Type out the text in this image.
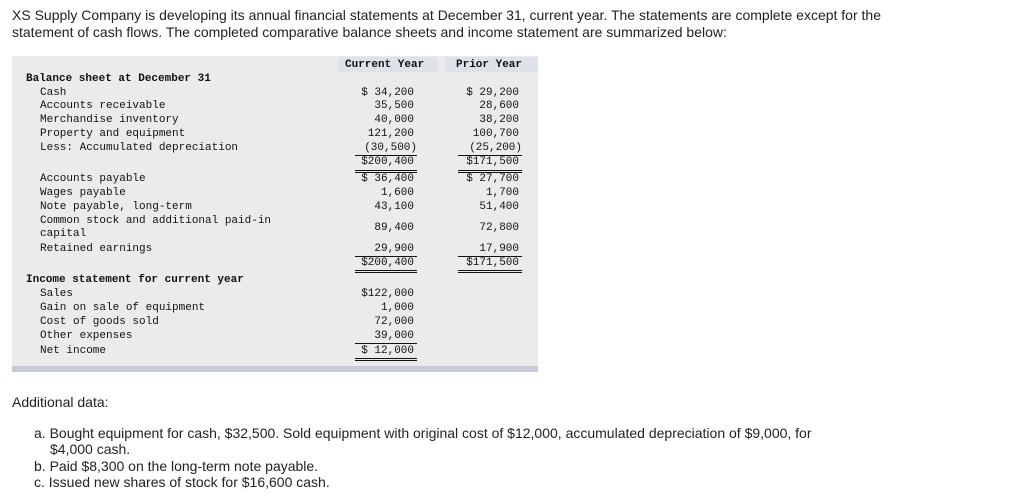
XS Supply Company is developing its annual financial statements at December 31, current year. The statements are complete except for the statement of cash flows. The completed comparative balance sheets and income statement are summarized below:
Current Year	Prior Year
Balance sheet at December 31
Cash	$ 34,200	$ 29,200
Accounts receivable	35,500	28,600
Merchandise inventory	40,000	38,200
Property and equipment	121,200	100,700
Less: Accumulated depreciation	(30,500)	(25,200)
$200,400	$171,500
Accounts payable	$ 36,400	$ 27,700
Wages payable	1,600	1,700
Note payable, long-term	43,100	51,400
Common stock and additional paid-in
capital	89,400	72,800
Retained earnings	29,900	17,900
$200,400	$171,500
Income statement for current year
Sales	$122,000
Gain on sale of equipment	1,000
Cost of goods sold	72,000
Other expenses	39,000
Net income	$ 12,000
Additional data:
a. Bought equipment for cash, $32,500. Sold equipment with original cost of $12,000, accumulated depreciation of $9,000, for
$4,000 cash.
b. Paid $8,300 on the long-term note payable.
c. Issued new shares of stock for $16,600 cash.
